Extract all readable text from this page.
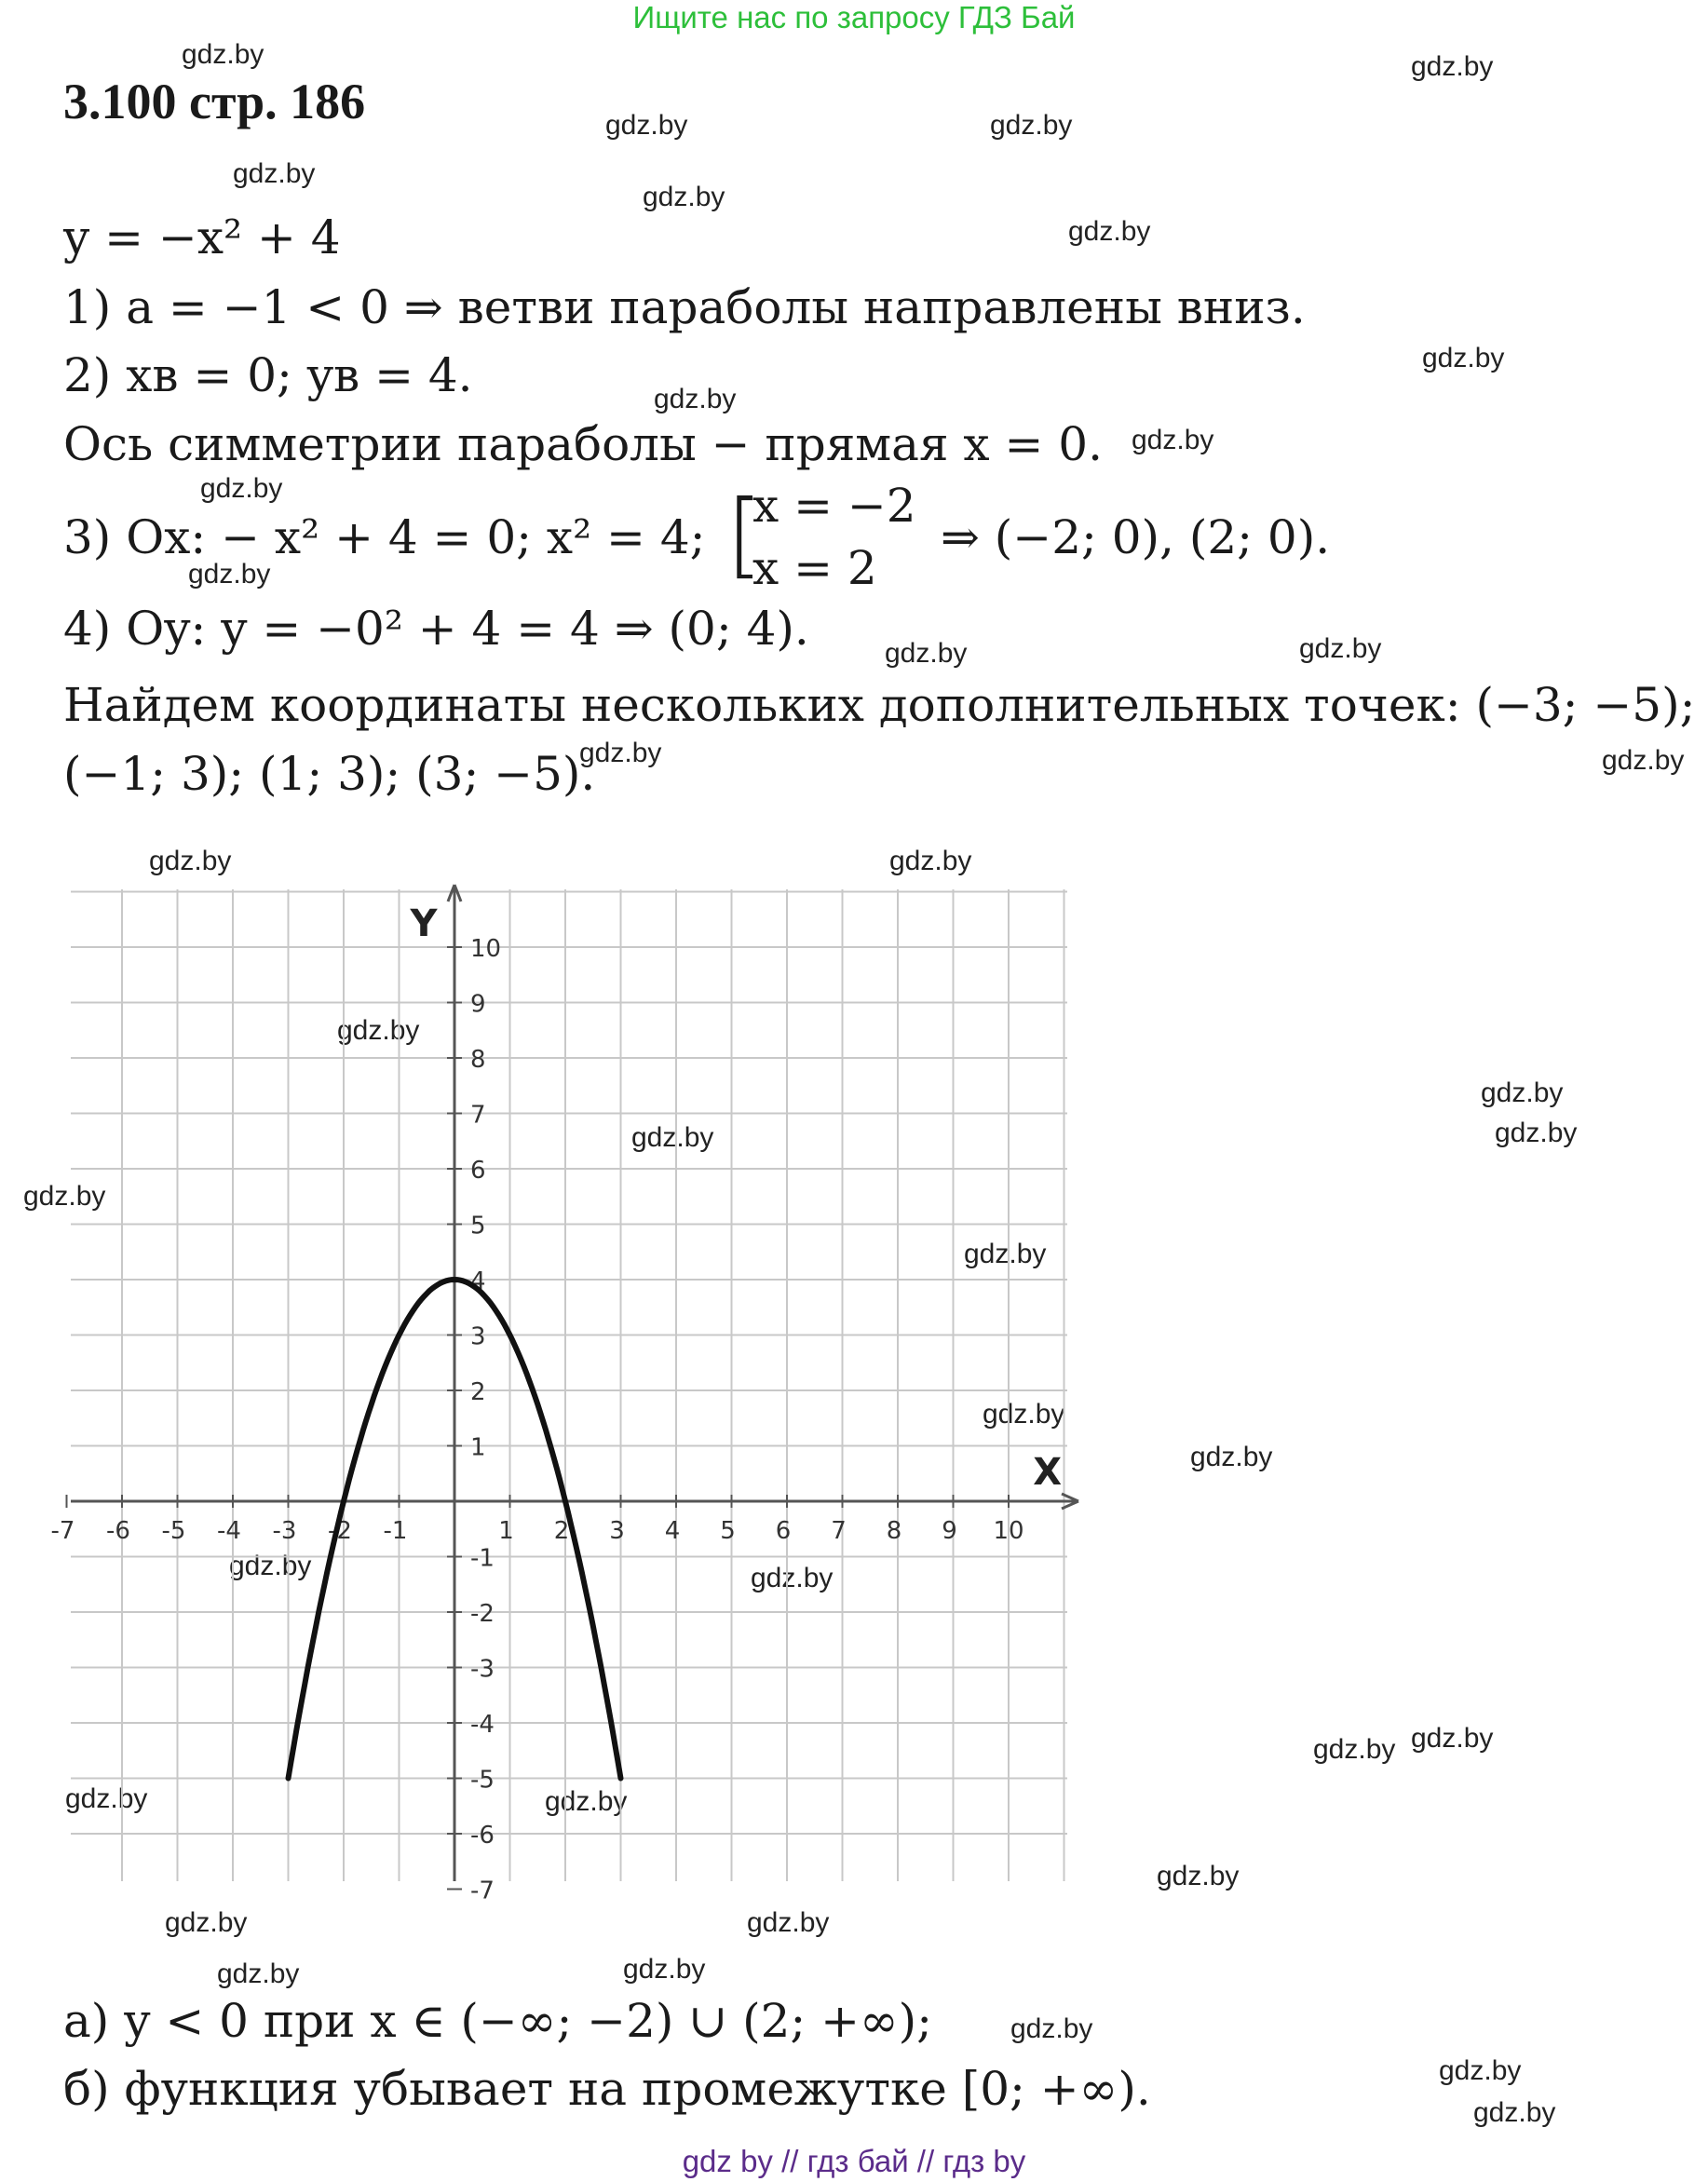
Ищите нас по запросу ГДЗ Бай
gdz.by	gdz.by
gdz.by	gdz.by
gdz.by
gdz.by
gdz.by
gdz.by
gdz.by
gdz.by
gdz.by
gdz.by
gdz.by	gdz.by
gdz.by	gdz.by
gdz.by	gdz.by
gdz.by
gdz.by
gdz.by	gdz.by
gdz.by
gdz.by
gdz.by
gdz.by
gdz.by	gdz.by
gdz.by gdz.by
gdz.by	gdz.by
gdz.by
gdz.by	gdz.by
gdz.by	gdz.by
gdz.by
gdz.by
gdz.by
3.100 стр. 186
y = −x² + 4
1) a = −1 < 0 ⇒ ветви параболы направлены вниз.
2) xв = 0; yв = 4.
Ось симметрии параболы − прямая x = 0.
3) Ox: − x² + 4 = 0; x² = 4; [
x = −2
x = 2
⇒ (−2; 0), (2; 0).
4) Oy: y = −0² + 4 = 4 ⇒ (0; 4).
Найдем координаты нескольких дополнительных точек: (−3; −5);
(−1; 3); (1; 3); (3; −5).
-7 -6 -5 -4 -3 -2 -1	1 2 3 4 5 6 7 8 9 10
10
9
8
7
6
5
4
3
2
1
-1
-2
-3
-4
-5
-6
-7
X
Y
а) y < 0 при x ∈ (−∞; −2) ∪ (2; +∞);
б) функция убывает на промежутке [0; +∞).
gdz by // гдз бай // гдз by
